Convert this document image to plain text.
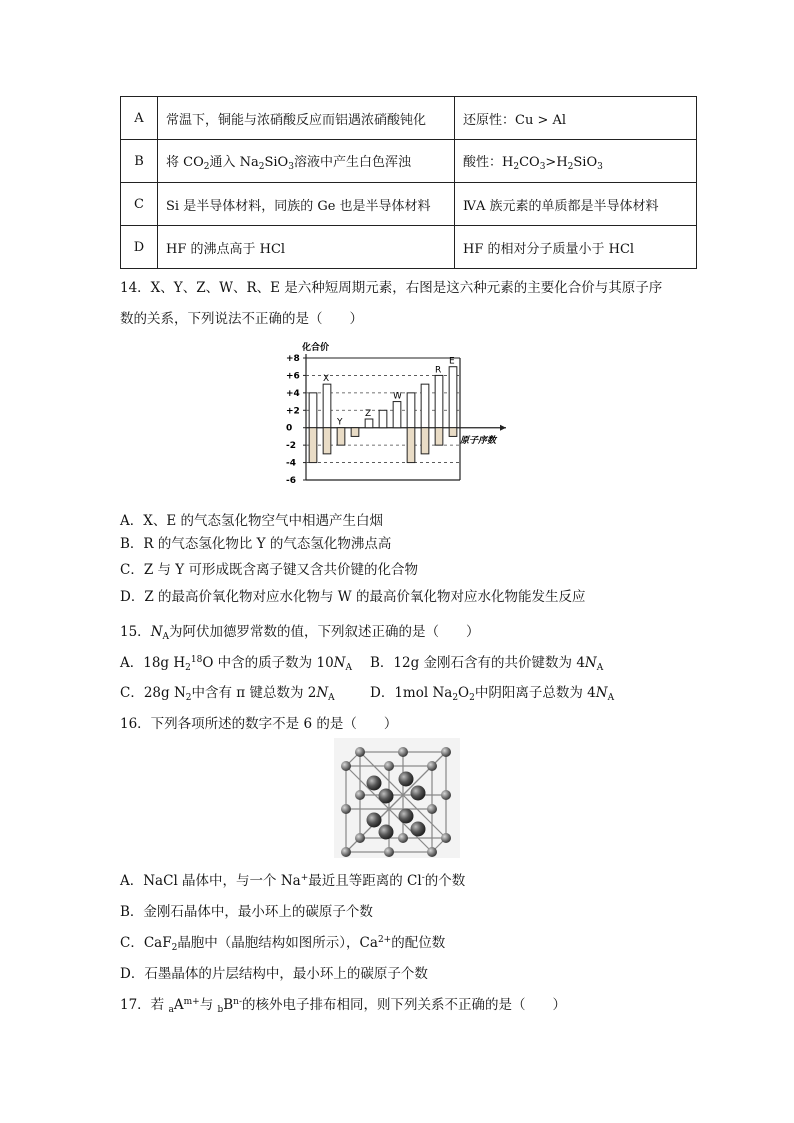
A	常温下，铜能与浓硝酸反应而铝遇浓硝酸钝化	还原性：Cu > Al
B	将 $CO_2$通入 $Na_2SiO_3$溶液中产生白色浑浊	酸性：$H_2CO_3>H_2SiO_3$
C	Si 是半导体材料，同族的 Ge 也是半导体材料	ⅣA 族元素的单质都是半导体材料
D	HF 的沸点高于 HCl	HF 的相对分子质量小于 HCl
14．X、Y、Z、W、R、E 是六种短周期元素，右图是这六种元素的主要化合价与其原子序
数的关系，下列说法不正确的是（　　）
+8
+6
+4
+2
0
-2
-4
-6
X
Y
Z
W
R
E
化合价
原子序数
A．X、E 的气态氢化物空气中相遇产生白烟
B．R 的气态氢化物比 Y 的气态氢化物沸点高
C．Z 与 Y 可形成既含离子键又含共价键的化合物
D．Z 的最高价氧化物对应水化物与 W 的最高价氧化物对应水化物能发生反应
15．$N_A$为阿伏加德罗常数的值，下列叙述正确的是（　　）
A．18g $H_2^{18}O$ 中含的质子数为 $10N_A$ B．12g 金刚石含有的共价键数为 $4N_A$
C．28g $N_2$中含有 π 键总数为 $2N_A$	D．1mol $Na_2O_2$中阴阳离子总数为 $4N_A$
16．下列各项所述的数字不是 6 的是（　　）
A．NaCl 晶体中，与一个 Na+最近且等距离的 Cl-的个数
B．金刚石晶体中，最小环上的碳原子个数
C．CaF$_2$晶胞中（晶胞结构如图所示），$Ca^{2+}$的配位数
D．石墨晶体的片层结构中，最小环上的碳原子个数
17．若 $_aA^{m+}$与 $_bB^{n-}$的核外电子排布相同，则下列关系不正确的是（　　）
